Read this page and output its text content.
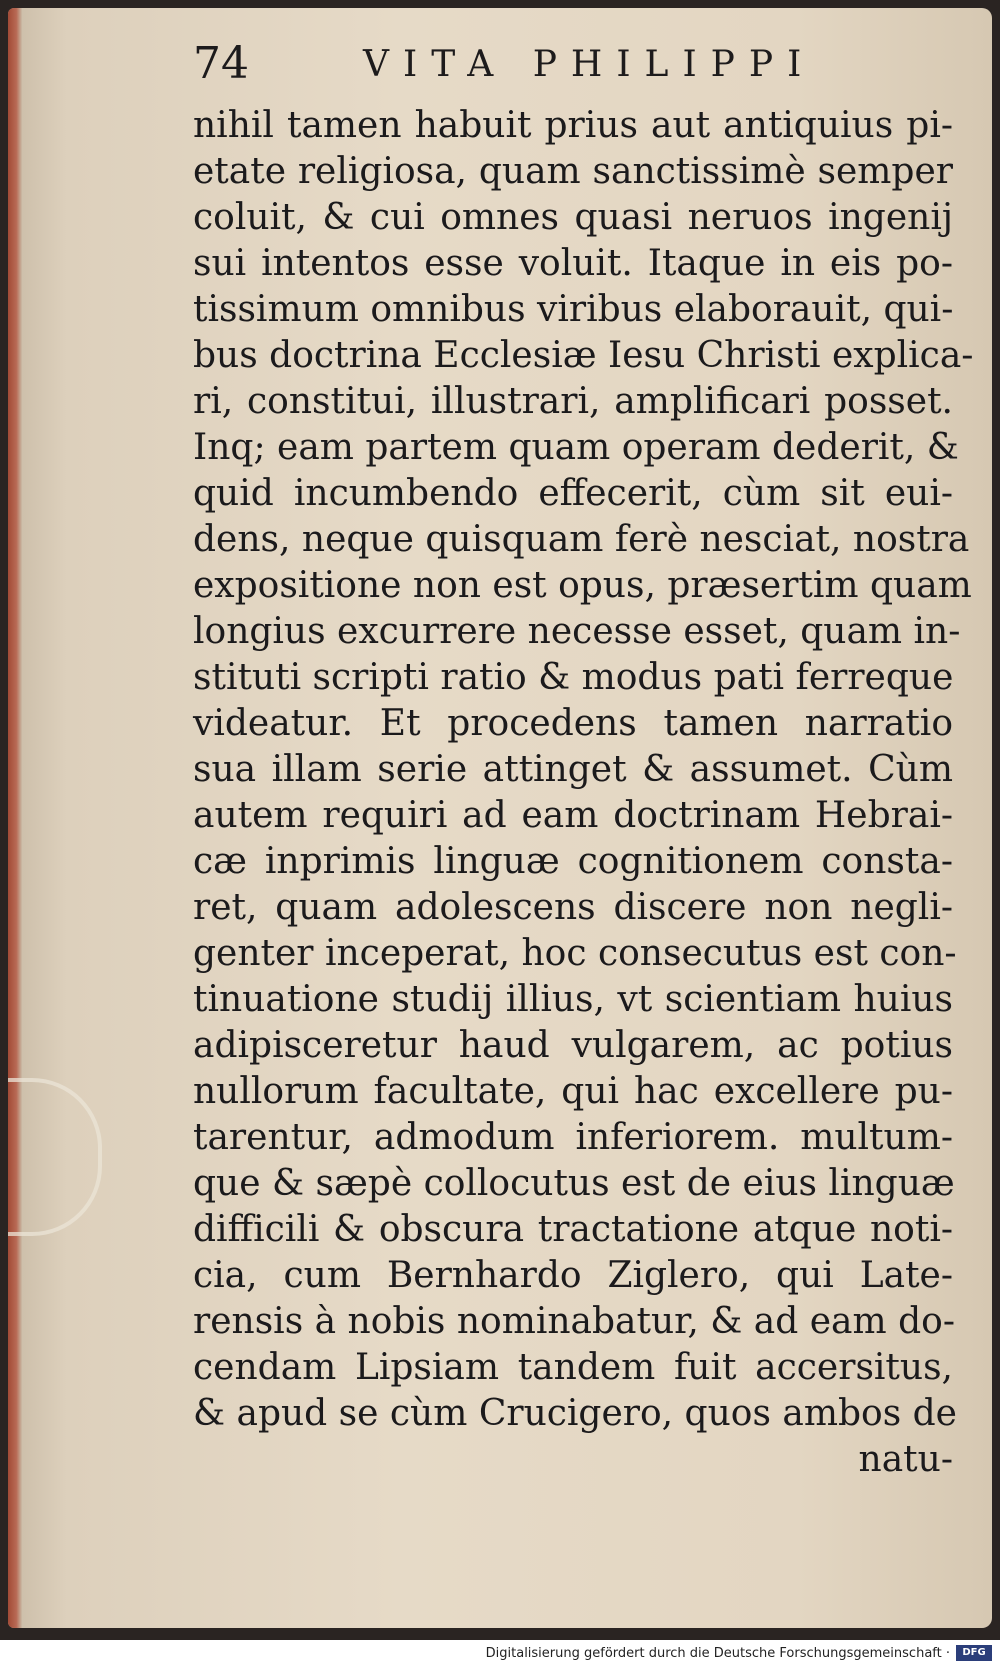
74	VITA PHILIPPI
nihil tamen habuit prius aut antiquius pi-
etate religiosa, quam sanctissimè semper
coluit, & cui omnes quasi neruos ingenij
sui intentos esse voluit. Itaque in eis po-
tissimum omnibus viribus elaborauit, qui-
bus doctrina Ecclesiæ Iesu Christi explica-
ri, constitui, illustrari, amplificari posset.
Inq; eam partem quam operam dederit, &
quid incumbendo effecerit, cùm sit eui-
dens, neque quisquam ferè nesciat, nostra
expositione non est opus, præsertim quam
longius excurrere necesse esset, quam in-
stituti scripti ratio & modus pati ferreque
videatur. Et procedens tamen narratio
sua illam serie attinget & assumet. Cùm
autem requiri ad eam doctrinam Hebrai-
cæ inprimis linguæ cognitionem consta-
ret, quam adolescens discere non negli-
genter inceperat, hoc consecutus est con-
tinuatione studij illius, vt scientiam huius
adipisceretur haud vulgarem, ac potius
nullorum facultate, qui hac excellere pu-
tarentur, admodum inferiorem. multum-
que & sæpè collocutus est de eius linguæ
difficili & obscura tractatione atque noti-
cia, cum Bernhardo Ziglero, qui Late-
rensis à nobis nominabatur, & ad eam do-
cendam Lipsiam tandem fuit accersitus,
& apud se cùm Crucigero, quos ambos de
natu-
Digitalisierung gefördert durch die Deutsche Forschungsgemeinschaft ·	DFG
